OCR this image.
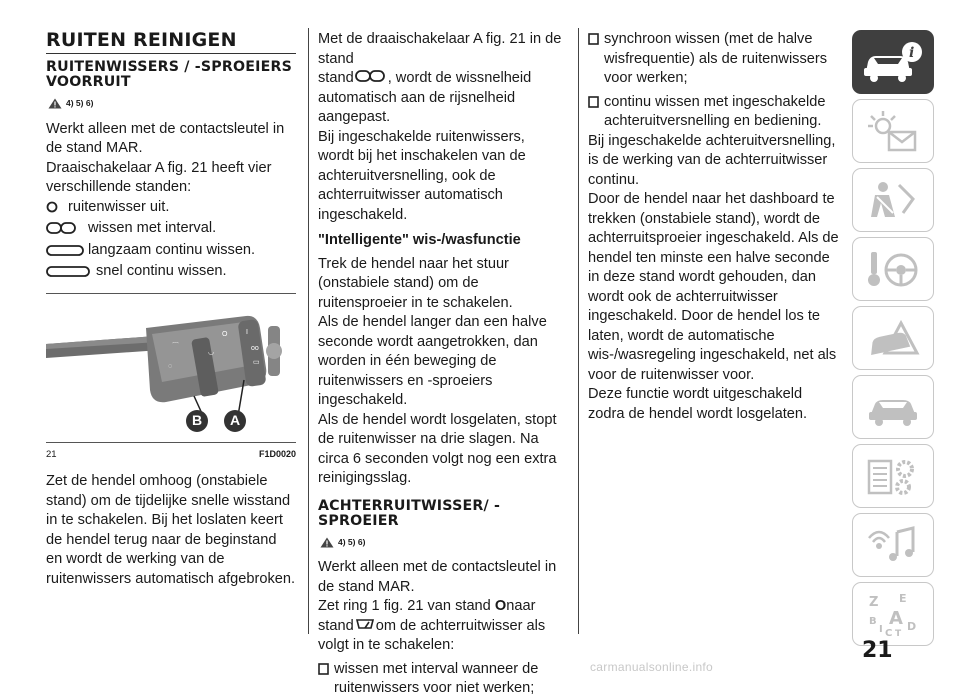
RUITEN REINIGEN
RUITENWISSERS / -SPROEIERS VOORRUIT
4) 5) 6)

Werkt alleen met de contactsleutel in de stand MAR.

Draaischakelaar A fig. 21 heeft vier verschillende standen:

ruitenwisser uit.
wissen met interval.
langzaam continu wissen.
snel continu wissen.
⌒
◌
◡
O	I
oo
▭
B	A
21	F1D0020

Zet de hendel omhoog (onstabiele stand) om de tijdelijke snelle wisstand in te schakelen. Bij het loslaten keert de hendel terug naar de beginstand en wordt de werking van de ruitenwissers automatisch afgebroken.

Met de draaischakelaar A fig. 21 in de stand
stand , wordt de wissnelheid automatisch aan de rijsnelheid aangepast.

Bij ingeschakelde ruitenwissers, wordt bij het inschakelen van de achteruitversnelling, ook de achterruitwisser automatisch ingeschakeld.

"Intelligente" wis-/wasfunctie

Trek de hendel naar het stuur (onstabiele stand) om de ruitensproeier in te schakelen.

Als de hendel langer dan een halve seconde wordt aangetrokken, dan worden in één beweging de ruitenwissers en -sproeiers ingeschakeld.

Als de hendel wordt losgelaten, stopt de ruitenwisser na drie slagen. Na circa 6 seconden volgt nog een extra reinigingsslag.

ACHTERRUITWISSER/ -SPROEIER
4) 5) 6)

Werkt alleen met de contactsleutel in de stand MAR.

Zet ring 1 fig. 21 van stand Onaar stand om de achterruitwisser als volgt in te schakelen:

wissen met interval wanneer de ruitenwissers voor niet werken;
synchroon wissen (met de halve wisfrequentie) als de ruitenwissers voor werken;
continu wissen met ingeschakelde achteruitversnelling en bediening.

Bij ingeschakelde achteruitversnelling, is de werking van de achterruitwisser continu.

Door de hendel naar het dashboard te trekken (onstabiele stand), wordt de achterruitsproeier ingeschakeld. Als de hendel ten minste een halve seconde in deze stand wordt gehouden, dan wordt ook de achterruitwisser ingeschakeld. Door de hendel los te laten, wordt de automatische wis-/wasregeling ingeschakeld, net als voor de ruitenwisser voor.

Deze functie wordt uitgeschakeld zodra de hendel wordt losgelaten.

i
Z E
B A
I C
D
T
21
carmanualsonline.info
